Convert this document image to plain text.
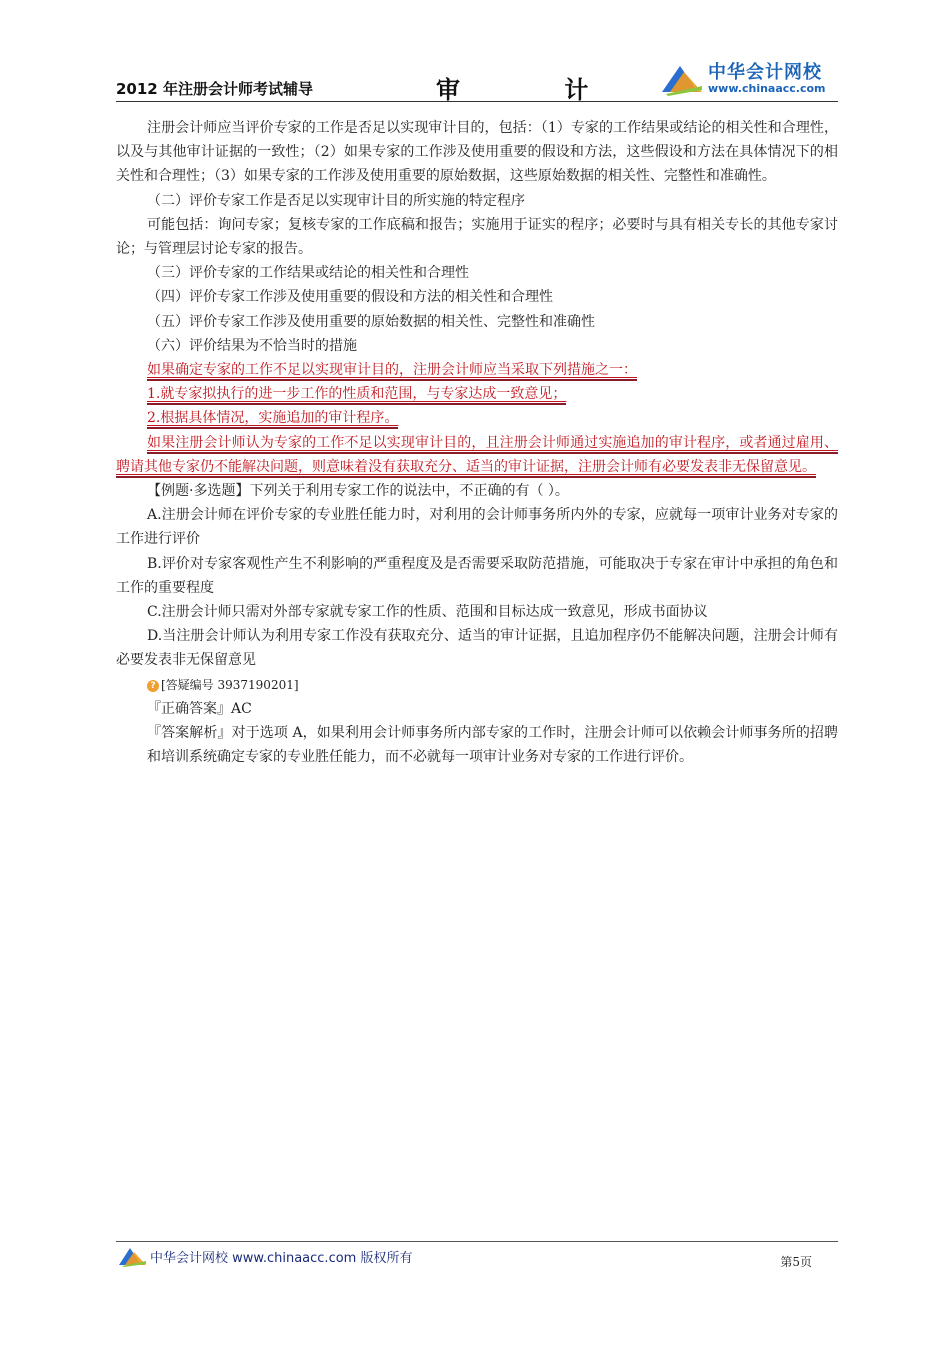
2012 年注册会计师考试辅导	审 计
中华会计网校
www.chinaacc.com

注册会计师应当评价专家的工作是否足以实现审计目的，包括：（1）专家的工作结果或结论的相关性和合理性，以及与其他审计证据的一致性；（2）如果专家的工作涉及使用重要的假设和方法，这些假设和方法在具体情况下的相关性和合理性；（3）如果专家的工作涉及使用重要的原始数据，这些原始数据的相关性、完整性和准确性。

（二）评价专家工作是否足以实现审计目的所实施的特定程序

可能包括：询问专家；复核专家的工作底稿和报告；实施用于证实的程序；必要时与具有相关专长的其他专家讨论；与管理层讨论专家的报告。

（三）评价专家的工作结果或结论的相关性和合理性

（四）评价专家工作涉及使用重要的假设和方法的相关性和合理性

（五）评价专家工作涉及使用重要的原始数据的相关性、完整性和准确性

（六）评价结果为不恰当时的措施

如果确定专家的工作不足以实现审计目的，注册会计师应当采取下列措施之一：

1.就专家拟执行的进一步工作的性质和范围，与专家达成一致意见；

2.根据具体情况，实施追加的审计程序。

如果注册会计师认为专家的工作不足以实现审计目的，且注册会计师通过实施追加的审计程序，或者通过雇用、聘请其他专家仍不能解决问题，则意味着没有获取充分、适当的审计证据，注册会计师有必要发表非无保留意见。

【例题·多选题】下列关于利用专家工作的说法中，不正确的有（ ）。

A.注册会计师在评价专家的专业胜任能力时，对利用的会计师事务所内外的专家，应就每一项审计业务对专家的工作进行评价

B.评价对专家客观性产生不利影响的严重程度及是否需要采取防范措施，可能取决于专家在审计中承担的角色和工作的重要程度

C.注册会计师只需对外部专家就专家工作的性质、范围和目标达成一致意见，形成书面协议

D.当注册会计师认为利用专家工作没有获取充分、适当的审计证据，且追加程序仍不能解决问题，注册会计师有必要发表非无保留意见

? [答疑编号 3937190201]

『正确答案』AC

『答案解析』对于选项 A，如果利用会计师事务所内部专家的工作时，注册会计师可以依赖会计师事务所的招聘和培训系统确定专家的专业胜任能力，而不必就每一项审计业务对专家的工作进行评价。

中华会计网校 www.chinaacc.com 版权所有	第5页
